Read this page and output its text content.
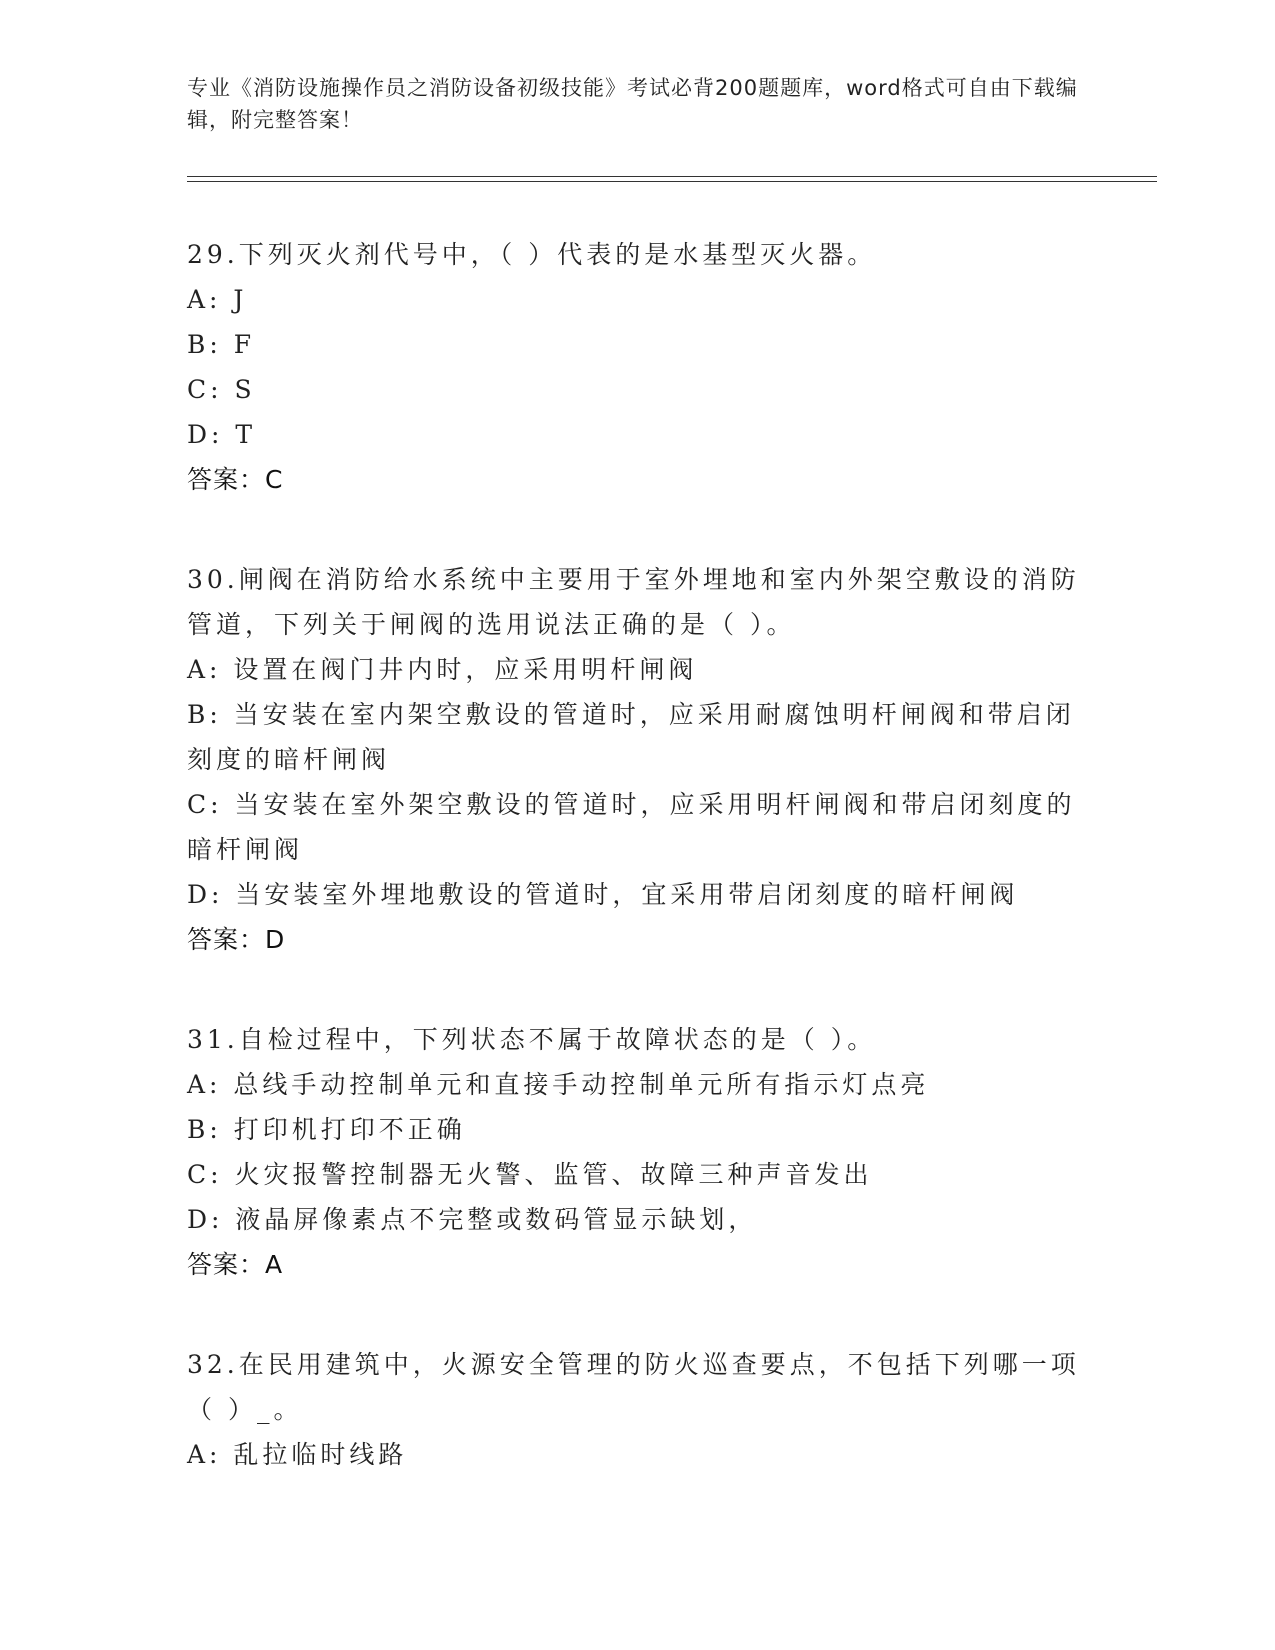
专业《消防设施操作员之消防设备初级技能》考试必背200题题库，word格式可自由下载编辑，附完整答案！

29.下列灭火剂代号中，（ ）代表的是水基型灭火器。

A: J

B: F

C: S

D: T

答案：C

30.闸阀在消防给水系统中主要用于室外埋地和室内外架空敷设的消防管道，下列关于闸阀的选用说法正确的是（ ）。

A: 设置在阀门井内时，应采用明杆闸阀

B: 当安装在室内架空敷设的管道时，应采用耐腐蚀明杆闸阀和带启闭刻度的暗杆闸阀

C: 当安装在室外架空敷设的管道时，应采用明杆闸阀和带启闭刻度的暗杆闸阀

D: 当安装室外埋地敷设的管道时，宜采用带启闭刻度的暗杆闸阀

答案：D

31.自检过程中，下列状态不属于故障状态的是（ ）。

A: 总线手动控制单元和直接手动控制单元所有指示灯点亮

B: 打印机打印不正确

C: 火灾报警控制器无火警、监管、故障三种声音发出

D: 液晶屏像素点不完整或数码管显示缺划，

答案：A

32.在民用建筑中，火源安全管理的防火巡查要点，不包括下列哪一项（ ）_。

A: 乱拉临时线路
